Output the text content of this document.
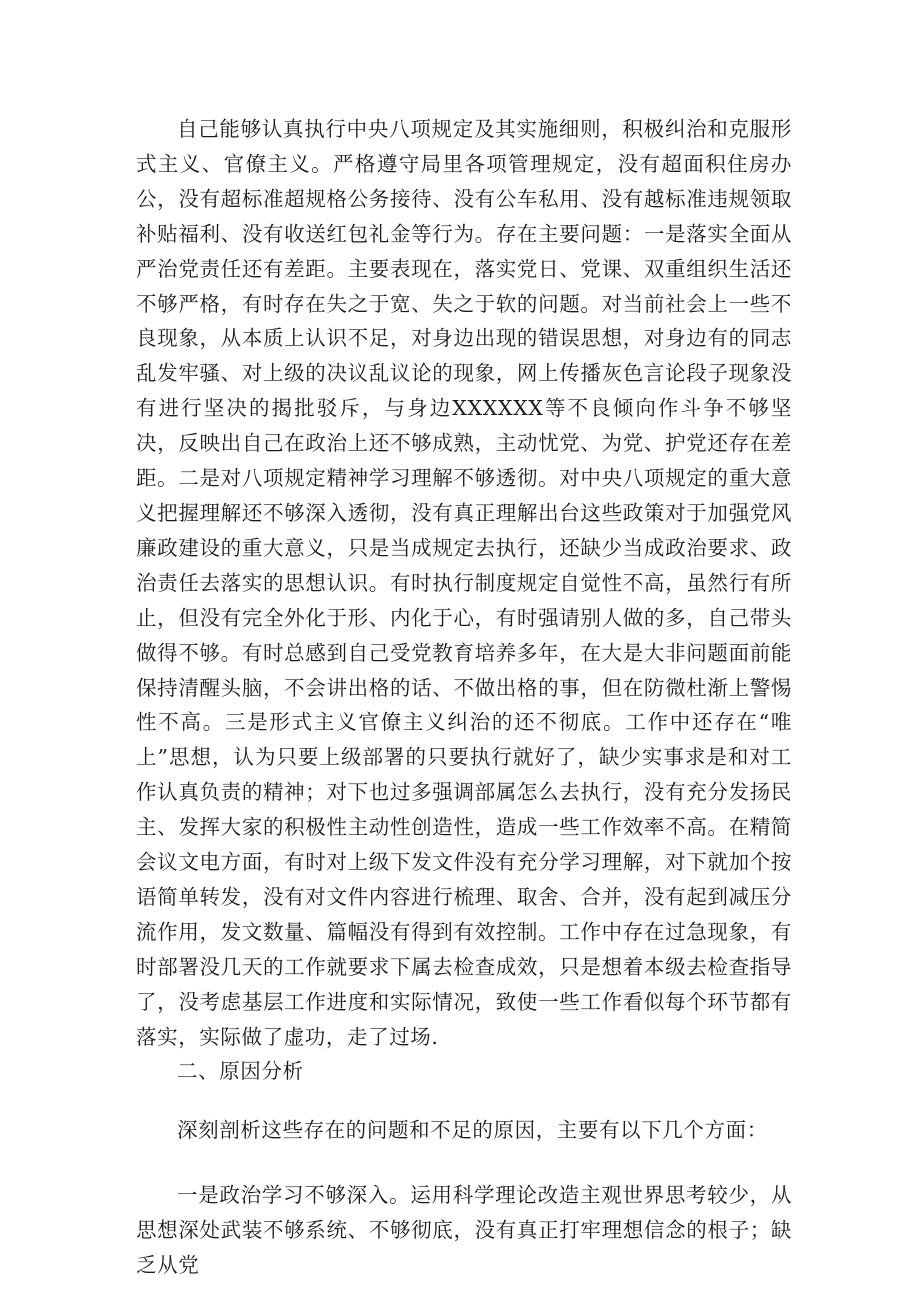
自己能够认真执行中央八项规定及其实施细则，积极纠治和克服形式主义、官僚主义。严格遵守局里各项管理规定，没有超面积住房办公，没有超标准超规格公务接待、没有公车私用、没有越标准违规领取补贴福利、没有收送红包礼金等行为。存在主要问题：一是落实全面从严治党责任还有差距。主要表现在，落实党日、党课、双重组织生活还不够严格，有时存在失之于宽、失之于软的问题。对当前社会上一些不良现象，从本质上认识不足，对身边出现的错误思想，对身边有的同志乱发牢骚、对上级的决议乱议论的现象，网上传播灰色言论段子现象没有进行坚决的揭批驳斥，与身边XXXXXX等不良倾向作斗争不够坚决，反映出自己在政治上还不够成熟，主动忧党、为党、护党还存在差距。二是对八项规定精神学习理解不够透彻。对中央八项规定的重大意义把握理解还不够深入透彻，没有真正理解出台这些政策对于加强党风廉政建设的重大意义，只是当成规定去执行，还缺少当成政治要求、政治责任去落实的思想认识。有时执行制度规定自觉性不高，虽然行有所止，但没有完全外化于形、内化于心，有时强请别人做的多，自己带头做得不够。有时总感到自己受党教育培养多年，在大是大非问题面前能保持清醒头脑，不会讲出格的话、不做出格的事，但在防微杜渐上警惕性不高。三是形式主义官僚主义纠治的还不彻底。工作中还存在“唯上”思想，认为只要上级部署的只要执行就好了，缺少实事求是和对工作认真负责的精神；对下也过多强调部属怎么去执行，没有充分发扬民主、发挥大家的积极性主动性创造性，造成一些工作效率不高。在精简会议文电方面，有时对上级下发文件没有充分学习理解，对下就加个按语简单转发，没有对文件内容进行梳理、取舍、合并，没有起到减压分流作用，发文数量、篇幅没有得到有效控制。工作中存在过急现象，有时部署没几天的工作就要求下属去检查成效，只是想着本级去检查指导了，没考虑基层工作进度和实际情况，致使一些工作看似每个环节都有落实，实际做了虚功，走了过场.

二、原因分析

深刻剖析这些存在的问题和不足的原因，主要有以下几个方面：

一是政治学习不够深入。运用科学理论改造主观世界思考较少，从思想深处武装不够系统、不够彻底，没有真正打牢理想信念的根子；缺乏从党
